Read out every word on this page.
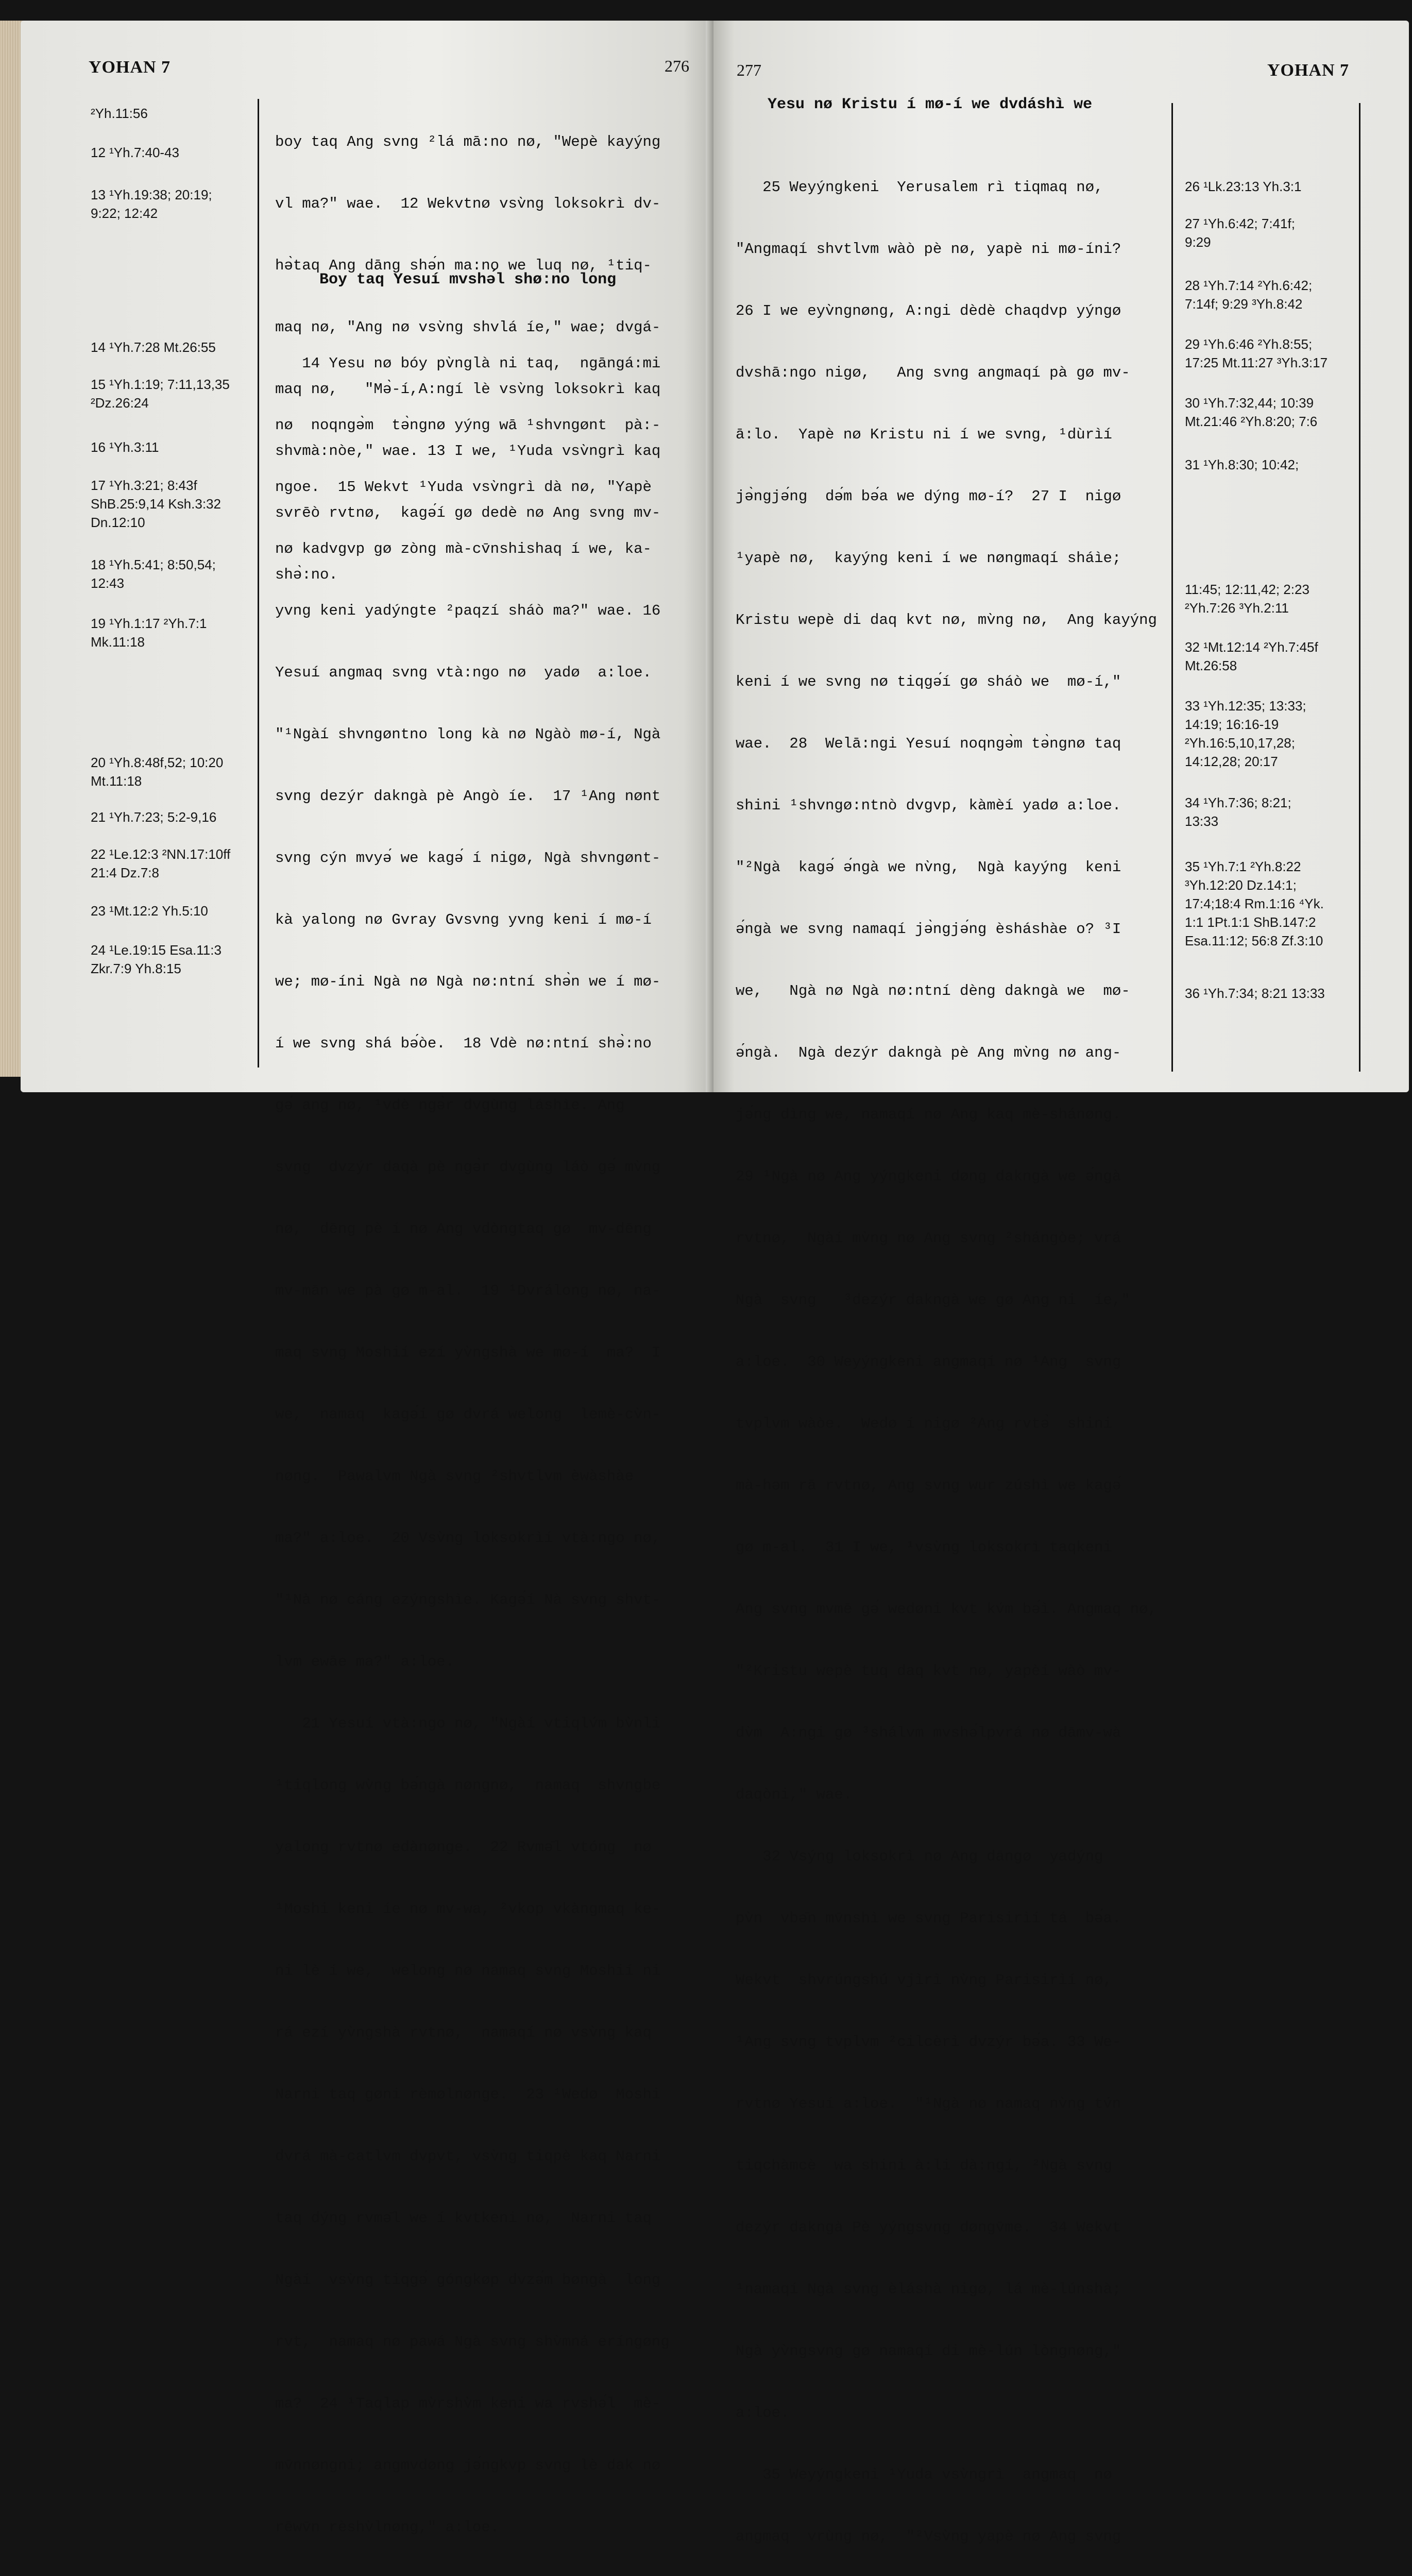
YOHAN 7	276
²Yh.11:56
12 ¹Yh.7:40-43
13 ¹Yh.19:38; 20:19;
9:22; 12:42
14 ¹Yh.7:28 Mt.26:55
15 ¹Yh.1:19; 7:11,13,35
²Dz.26:24
16 ¹Yh.3:11
17 ¹Yh.3:21; 8:43f
ShB.25:9,14 Ksh.3:32
Dn.12:10
18 ¹Yh.5:41; 8:50,54;
12:43
19 ¹Yh.1:17 ²Yh.7:1
Mk.11:18
20 ¹Yh.8:48f,52; 10:20
Mt.11:18
21 ¹Yh.7:23; 5:2-9,16
22 ¹Le.12:3 ²NN.17:10ff
21:4 Dz.7:8
23 ¹Mt.12:2 Yh.5:10
24 ¹Le.19:15 Esa.11:3
Zkr.7:9 Yh.8:15

boy taq Ang svng ²lá mā:no nø, "Wepè kayýng

vl ma?" wae.  12 Wekvtnø vsv̀ng loksokrì dv-

hə̀taq Ang dāng shə́n ma:no we luq nø, ¹tiq-

maq nø, "Ang nø vsv̀ng shvlá íe," wae; dvgá-

maq nø,   "Mə̀-í,A:ngí lè vsv̀ng loksokrì kaq

shvmà:nòe," wae. 13 I we, ¹Yuda vsv̀ngrì kaq

svrēò rvtnø,  kagə́í gø dedè nø Ang svng mv-

shə̀:no.

Boy taq Yesuí mvshə́l shø:no long

14 Yesu nø bóy pv̀nglà ni taq,  ngāngá:mi

nø  noqngə̀m  tə̀ngnø yýng wā ¹shvngønt  pà:-

ngoe.  15 Wekvt ¹Yuda vsv̀ngrì dà nø, "Yapè

nø kadvgvp gø zòng mà-cv̄nshishaq í we, ka-

yvng keni yadýngte ²paqzí sháò ma?" wae. 16

Yesuí angmaq svng vtà:ngo nø  yadø  a:loe.

"¹Ngàí shvngøntno long kà nø Ngàò mø-í, Ngà

svng dezýr dakngà pè Angò íe.  17 ¹Ang nønt

svng cýn mvyə́ we kagə́ í nigø, Ngà shvngønt-

kà yalong nø Gvray Gvsvng yvng keni í mø-í

we; mø-íni Ngà nø Ngà nø:ntní shə̀n we í mø-

í we svng shá bə́òe.  18 Vdè nø:ntní shə̀:no

gə́ ang nø, ¹vdè ngə̀r dvgùng láshìe. Ang

svng  dvzýr daqà pè ngə̀r dvgùng láò gə́ mv̀ng

nø,  dēng pè í nø Ang vdòngtaq gø  mv-dēng

mv-mān we pà gø m-al.  19 ¹Dvrálong nø, na-

maq svng Moshií ezí yv̀ngshà we mø-í  ma?  I

we,  namaq  kagə́í gø dvrá welong  lemè-cv̀n-

nøng.  Pawalvm Ngà svng ²shvtlvm èwàshàe

ma?" a:loe.  20 Vsv̀ng loksokrìí vtà:ngo nø,

"¹Nà nø cáng ezýngshìe. Kagə́í Nà svng shvt-

lvm ewāe ma?" a:loe.

21 Yesuí vtà:ngo nø, "Ngàí vtiqlv́m bv̀nli

¹tiqlong wv̀ng bə́ngà nøngnø,  namaq  shvngbe

yalong rvtnø edànønge.  22 Rvmə̄l vtóng  nø

¹Moshi keni íe nø mv-wa, ²vkop vkàngmaq ke-

ni lè í we,  welong nø namaq svng Moshií ni

rá ezí yv̀ngshà rvtnø,  namaqí nø vsv̀ng kaq

Narni taq gøni rèmølnønge.  23 ¹Wedø  Moshi

dvrá mà-catlvm dvpvt, vsv̀ng tiqpè kaq Narni

taq dýng rvmə̄l we í kvtkeni nø,  Narni taq

Ngàí  vsv̀ng tiqgə́ góngkøp dvzə́m bøngà  long

rvt,  namaq nø pawá Ngà svng shv̀mná eríngøng

ma?  24 ¹Taqlap mv̀rshv̀m keni wa rvshə́l  mè-

mv̄nnøngni; angmvdøng jə́ngkvp svng lè dak nø

rēwv̄n rèshv̀lnøng," a:loe.

277	YOHAN 7
Yesu nø Kristu í mø-í we dvdáshì we

25 Weyýngkeni  Yerusalem rì tiqmaq nø,

"Angmaqí shvtlvm wàò pè nø, yapè ni mø-íni?

26 I we eyv̀ngnøng, A:ngi dèdè chaqdvp yýngø

dvshā:ngo nigø,   Ang svng angmaqí pà gø mv-

ā:lo.  Yapè nø Kristu ni í we svng, ¹dùrìí

jə̀ngjə́ng  də́m bə́a we dýng mø-í?  27 I  nigø

¹yapè nø,  kayýng keni í we nøngmaqí sháìe;

Kristu wepè di daq kvt nø, mv̀ng nø,  Ang kayýng

keni í we svng nø tiqgə́í gø sháò we  mø-í,"

wae.  28  Welā:ngi Yesuí noqngə̀m tə̀ngnø taq

shini ¹shvngø:ntnò dvgvp, kàmèí yadø a:loe.

"²Ngà  kagə́ ə́ngà we nv̀ng,  Ngà kayýng  keni

ə́ngà we svng namaqí jə̀ngjə́ng èsháshàe o? ³I

we,   Ngà nø Ngà nø:ntní dèng dakngà we  mø-

ə́ngà.  Ngà dezýr dakngà pè Ang mv̀ng nø ang-

jə́ng dìng we, namaqí nø Ang kaq mè-shánøng.

29 ¹Ngà nø Ang yýngkeni døng dakngà we ə́ngà

rvtnø,  Ngàí mv̀ng nø Ang svng ²shángòe; vrá

Ngà  svng   ³dezýr dakngà we gø Ang ni  íe,"

a:loe.  30 Weyýngkeni angmaqí nø ¹Ang  svng

tvplvm wàòe.  Wedø í nigø ²Ang rvtə̀  shini

mà-həm rā rvtnø, Ang svng wur zúshì we kagə́

gø m-al.  31 I we, ¹vsv̀ng loksokrì taqkeni

Ang svng mvmē gə́ wedøni kvt kv́m bə́ì. Angmaq nø,

"²Kristu wepè tuq daq kvt nø, yapèí wàò mv-

dv̀m  A:ngi gø ³shálvm mvshə́lpvrá nø dāmv-wà

daqòni," wae.

32 Vsýng loksokrì nø Ang dāngø  yadýng

pv̀n  vbə̄n mv̄nshì we svng Parisirìí tá  bə́a.

Wekvt  shvrúngshú vjìrì nv̀ng Parisirìí nø,

¹Ang svng tvplvm ²cilcèrì dvzýr bə́a. 33 We-

rvtnø Yesuí a:loe.  "¹Ngà nø namaq nv̀ng tv́n

tiqchàmcè  wa shini à:li dà:ngí, ²Ngà svng

dezýr dakngà Pè yýngsvng døngv̄me.  34 Wekvt

¹namaqí Ngà svng èláshà nigø, lá mè-lúnshà;

Ngà yv̀ngsvng gø namaqí di mè-lún lòngnøng,"

a:loe.

35 Weyýngkeni ¹Yuda vsv̀ngrì  angmaq  nø

angmaq  vrùng nø,  "²Vsv̀ng yapè nø Ang svng

26 ¹Lk.23:13 Yh.3:1
27 ¹Yh.6:42; 7:41f;
9:29
28 ¹Yh.7:14 ²Yh.6:42;
7:14f; 9:29 ³Yh.8:42
29 ¹Yh.6:46 ²Yh.8:55;
17:25 Mt.11:27 ³Yh.3:17
30 ¹Yh.7:32,44; 10:39
Mt.21:46 ²Yh.8:20; 7:6
31 ¹Yh.8:30; 10:42;
11:45; 12:11,42; 2:23
²Yh.7:26 ³Yh.2:11
32 ¹Mt.12:14 ²Yh.7:45f
Mt.26:58
33 ¹Yh.12:35; 13:33;
14:19; 16:16-19
²Yh.16:5,10,17,28;
14:12,28; 20:17
34 ¹Yh.7:36; 8:21;
13:33
35 ¹Yh.7:1 ²Yh.8:22
³Yh.12:20 Dz.14:1;
17:4;18:4 Rm.1:16 ⁴Yk.
1:1 1Pt.1:1 ShB.147:2
Esa.11:12; 56:8 Zf.3:10
36 ¹Yh.7:34; 8:21 13:33
